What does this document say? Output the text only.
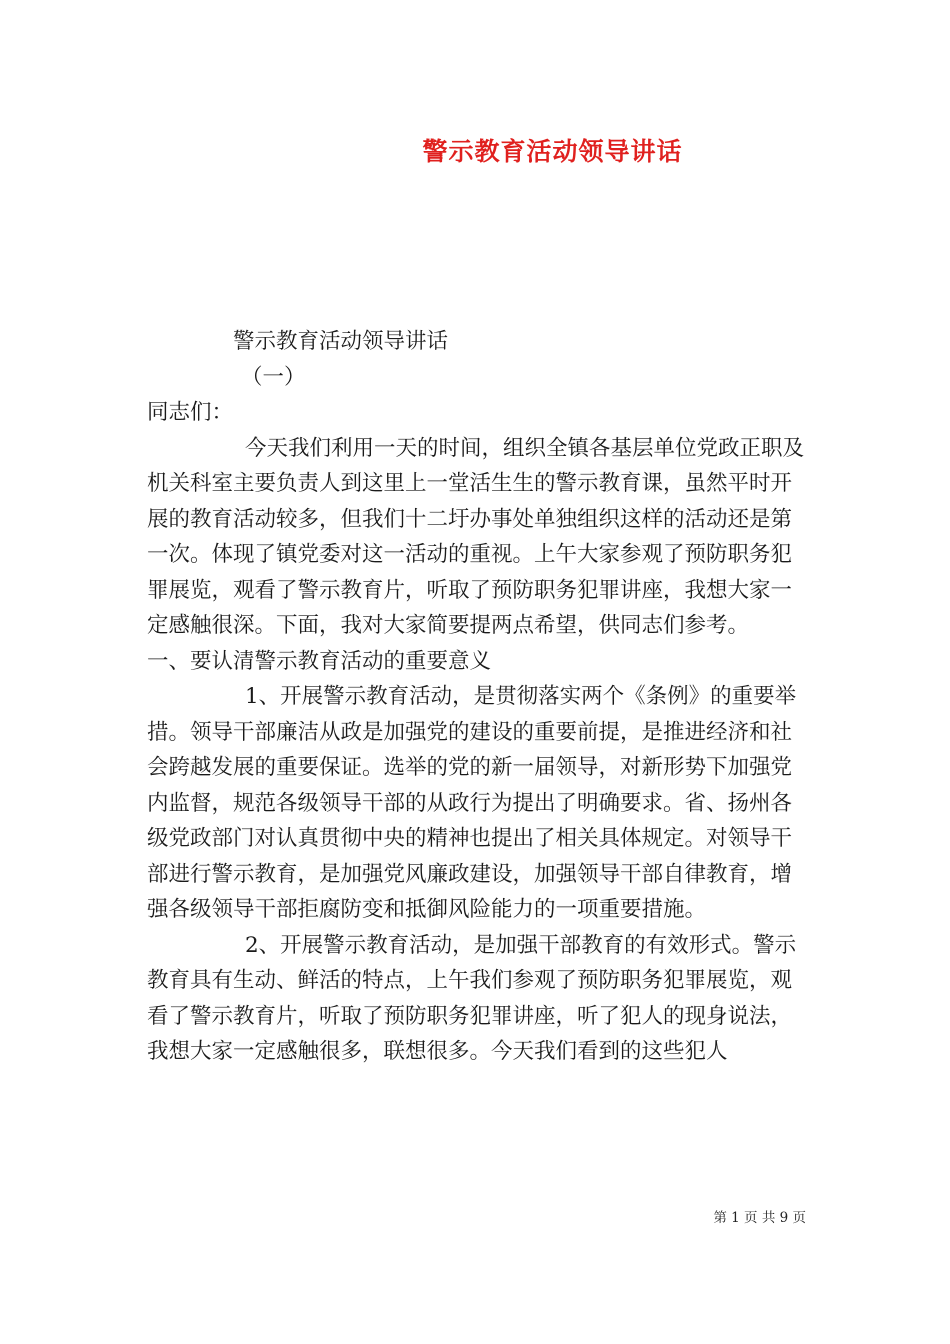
警示教育活动领导讲话

警示教育活动领导讲话

（一）

同志们：

今天我们利用一天的时间，组织全镇各基层单位党政正职及机关科室主要负责人到这里上一堂活生生的警示教育课，虽然平时开展的教育活动较多，但我们十二圩办事处单独组织这样的活动还是第一次。体现了镇党委对这一活动的重视。上午大家参观了预防职务犯罪展览，观看了警示教育片，听取了预防职务犯罪讲座，我想大家一定感触很深。下面，我对大家简要提两点希望，供同志们参考。

一、要认清警示教育活动的重要意义

1、开展警示教育活动，是贯彻落实两个《条例》的重要举措。领导干部廉洁从政是加强党的建设的重要前提，是推进经济和社会跨越发展的重要保证。选举的党的新一届领导，对新形势下加强党内监督，规范各级领导干部的从政行为提出了明确要求。省、扬州各级党政部门对认真贯彻中央的精神也提出了相关具体规定。对领导干部进行警示教育，是加强党风廉政建设，加强领导干部自律教育，增强各级领导干部拒腐防变和抵御风险能力的一项重要措施。

2、开展警示教育活动，是加强干部教育的有效形式。警示教育具有生动、鲜活的特点，上午我们参观了预防职务犯罪展览，观看了警示教育片，听取了预防职务犯罪讲座，听了犯人的现身说法，我想大家一定感触很多，联想很多。今天我们看到的这些犯人

第 1 页 共 9 页
